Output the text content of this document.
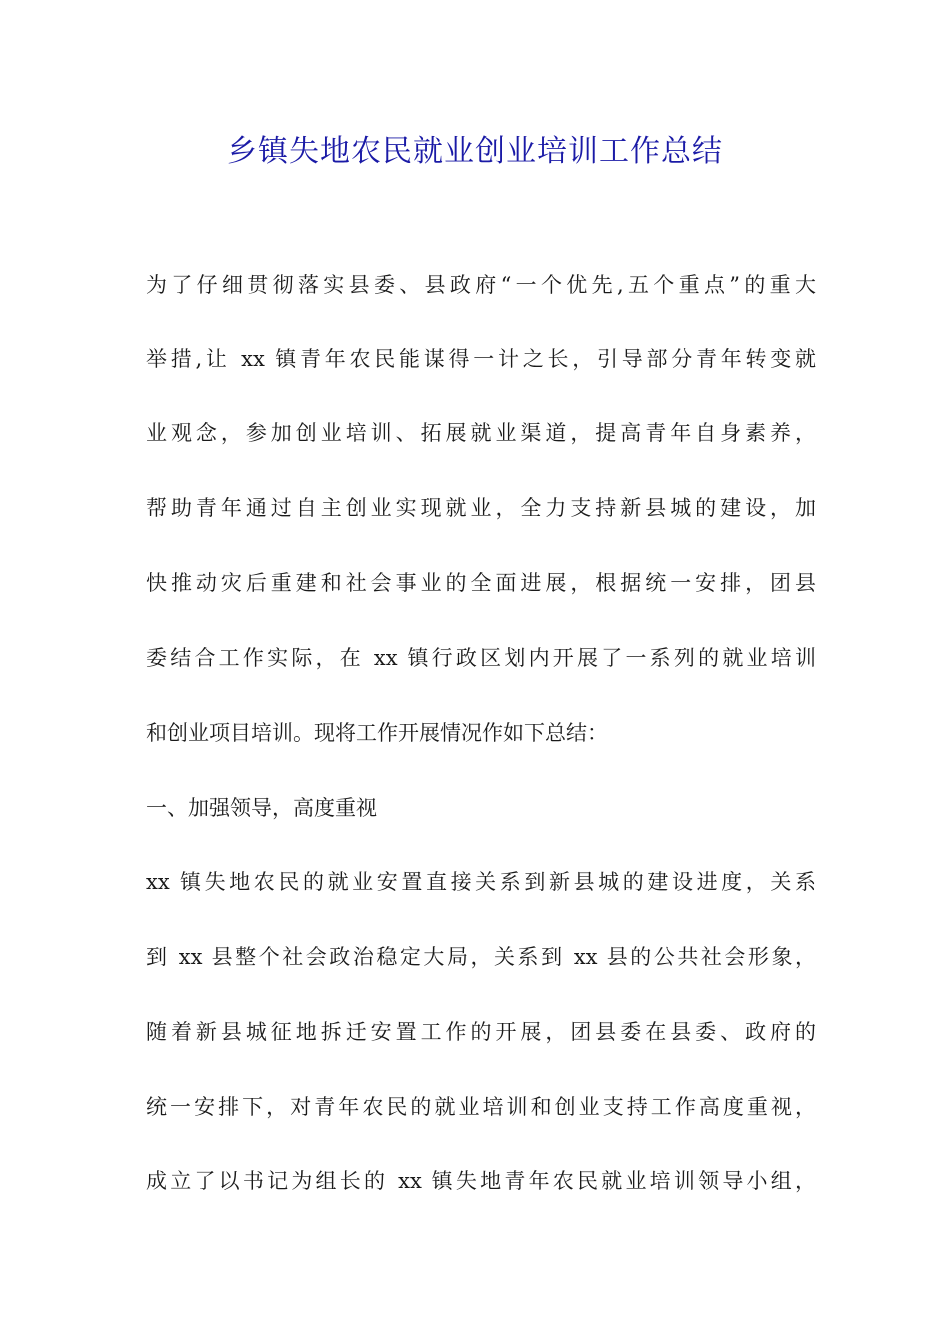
乡镇失地农民就业创业培训工作总结
为了仔细贯彻落实县委、县政府“一个优先,五个重点”的重大
举措,让 xx 镇青年农民能谋得一计之长，引导部分青年转变就
业观念，参加创业培训、拓展就业渠道，提高青年自身素养，
帮助青年通过自主创业实现就业，全力支持新县城的建设，加
快推动灾后重建和社会事业的全面进展，根据统一安排，团县
委结合工作实际，在 xx 镇行政区划内开展了一系列的就业培训
和创业项目培训。现将工作开展情况作如下总结：
一、加强领导，高度重视
xx 镇失地农民的就业安置直接关系到新县城的建设进度，关系
到 xx 县整个社会政治稳定大局，关系到 xx 县的公共社会形象，
随着新县城征地拆迁安置工作的开展，团县委在县委、政府的
统一安排下，对青年农民的就业培训和创业支持工作高度重视，
成立了以书记为组长的 xx 镇失地青年农民就业培训领导小组，
